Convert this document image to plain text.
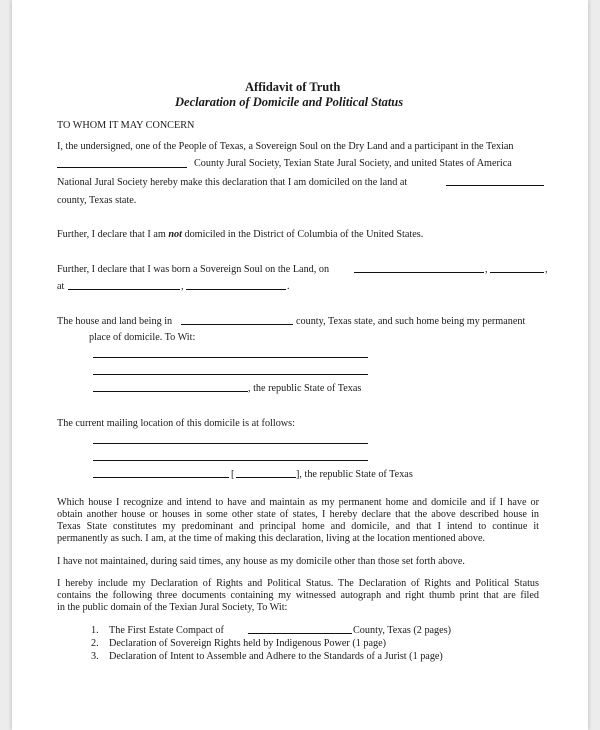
Affidavit of Truth
Declaration of Domicile and Political Status
TO WHOM IT MAY CONCERN
I, the undersigned, one of the People of Texas, a Sovereign Soul on the Dry Land and a participant in the Texian
County Jural Society, Texian State Jural Society, and united States of America
National Jural Society hereby make this declaration that I am domiciled on the land at
county, Texas state.
Further, I declare that I am not domiciled in the District of Columbia of the United States.
Further, I declare that I was born a Sovereign Soul on the Land, on	,	,
at	,	.
The house and land being in	county, Texas state, and such home being my permanent
place of domicile. To Wit:
, the republic State of Texas
The current mailing location of this domicile is at follows:
[	], the republic State of Texas
Which house I recognize and intend to have and maintain as my permanent home and domicile and if I have or
obtain another house or houses in some other state of states, I hereby declare that the above described house in
Texas State constitutes my predominant and principal home and domicile, and that I intend to continue it
permanently as such. I am, at the time of making this declaration, living at the location mentioned above.
I have not maintained, during said times, any house as my domicile other than those set forth above.
I hereby include my Declaration of Rights and Political Status. The Declaration of Rights and Political Status
contains the following three documents containing my witnessed autograph and right thumb print that are filed
in the public domain of the Texian Jural Society, To Wit:
1. The First Estate Compact of	County, Texas (2 pages)
2. Declaration of Sovereign Rights held by Indigenous Power (1 page)
3. Declaration of Intent to Assemble and Adhere to the Standards of a Jurist (1 page)
